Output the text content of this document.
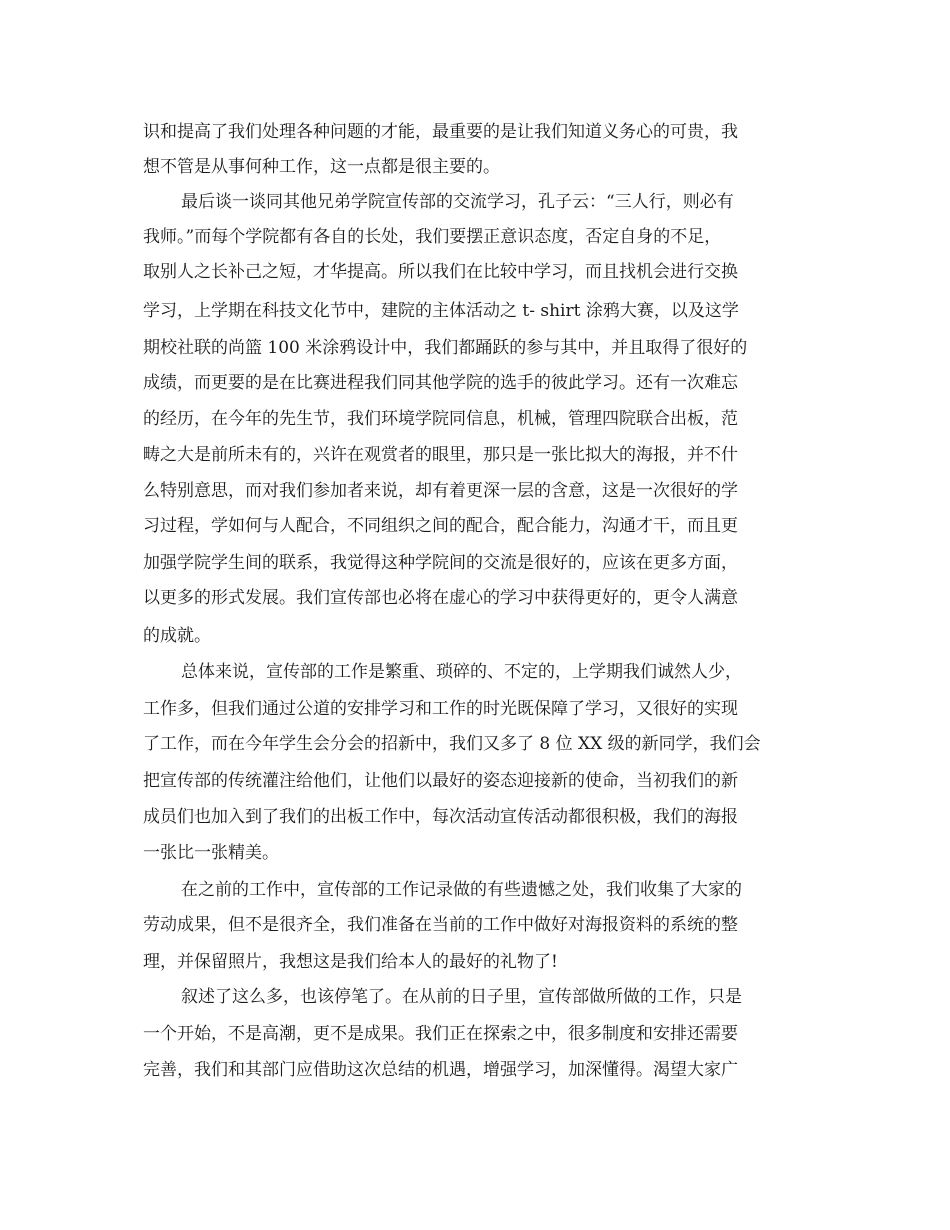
识和提高了我们处理各种问题的才能，最重要的是让我们知道义务心的可贵，我
想不管是从事何种工作，这一点都是很主要的。
最后谈一谈同其他兄弟学院宣传部的交流学习，孔子云：“三人行，则必有
我师。”而每个学院都有各自的长处，我们要摆正意识态度，否定自身的不足，
取别人之长补己之短，才华提高。所以我们在比较中学习，而且找机会进行交换
学习，上学期在科技文化节中，建院的主体活动之 t- shirt 涂鸦大赛，以及这学
期校社联的尚篮 100 米涂鸦设计中，我们都踊跃的参与其中，并且取得了很好的
成绩，而更要的是在比赛进程我们同其他学院的选手的彼此学习。还有一次难忘
的经历，在今年的先生节，我们环境学院同信息，机械，管理四院联合出板，范
畴之大是前所未有的，兴许在观赏者的眼里，那只是一张比拟大的海报，并不什
么特别意思，而对我们参加者来说，却有着更深一层的含意，这是一次很好的学
习过程，学如何与人配合，不同组织之间的配合，配合能力，沟通才干，而且更
加强学院学生间的联系，我觉得这种学院间的交流是很好的，应该在更多方面，
以更多的形式发展。我们宣传部也必将在虚心的学习中获得更好的，更令人满意
的成就。
总体来说，宣传部的工作是繁重、琐碎的、不定的，上学期我们诚然人少，
工作多，但我们通过公道的安排学习和工作的时光既保障了学习，又很好的实现
了工作，而在今年学生会分会的招新中，我们又多了 8 位 XX 级的新同学，我们会
把宣传部的传统灌注给他们，让他们以最好的姿态迎接新的使命，当初我们的新
成员们也加入到了我们的出板工作中，每次活动宣传活动都很积极，我们的海报
一张比一张精美。
在之前的工作中，宣传部的工作记录做的有些遗憾之处，我们收集了大家的
劳动成果，但不是很齐全，我们准备在当前的工作中做好对海报资料的系统的整
理，并保留照片，我想这是我们给本人的最好的礼物了!
叙述了这么多，也该停笔了。在从前的日子里，宣传部做所做的工作，只是
一个开始，不是高潮，更不是成果。我们正在探索之中，很多制度和安排还需要
完善，我们和其部门应借助这次总结的机遇，增强学习，加深懂得。渴望大家广
